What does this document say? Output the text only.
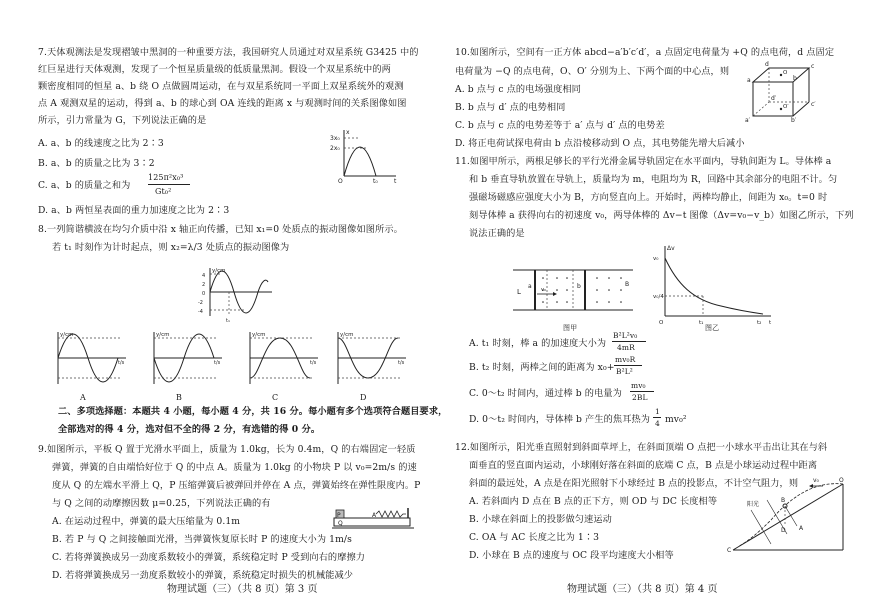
7.天体观测法是发现褶皱中黑洞的一种重要方法，我国研究人员通过对双星系统 G3425 中的
红巨星进行天体观测，发现了一个恒星质量级的低质量黑洞。假设一个双星系统中的两
颗密度相同的恒星 a、b 绕 O 点做圆周运动，在与双星系统同一平面上双星系统外的观测
点 A 观测双星的运动，得到 a、b 的球心到 OA 连线的距离 x 与观测时间的关系图像如图
所示，引力常量为 G，下列说法正确的是
A. a、b 的线速度之比为 2∶3
B. a、b 的质量之比为 3∶2
C. a、b 的质量之和为
125π²x₀³
Gt₀²
D. a、b 两恒星表面的重力加速度之比为 2∶3
3x₀
2x₀
O	t₀	t
x
8.一列简谐横波在均匀介质中沿 x 轴正向传播，已知 x₁=0 处质点的振动图像如图所示。
若 t₁ 时刻作为计时起点，则 x₂=λ/3 处质点的振动图像为
y/cm
4
2
0
-2
-4
t₁
y/cm
t/s
A
y/cm
t/s
B
y/cm
t/s
C
y/cm
t/s
D
二、多项选择题：本题共 4 小题，每小题 4 分，共 16 分。每小题有多个选项符合题目要求，
全部选对的得 4 分，选对但不全的得 2 分，有选错的得 0 分。
9.如图所示，平板 Q 置于光滑水平面上，质量为 1.0kg，长为 0.4m，Q 的右端固定一轻质
弹簧，弹簧的自由端恰好位于 Q 的中点 A。质量为 1.0kg 的小物块 P 以 v₀=2m/s 的速
度从 Q 的左端水平滑上 Q，P 压缩弹簧后被弹回并停在 A 点，弹簧始终在弹性限度内。P
与 Q 之间的动摩擦因数 μ=0.25，下列说法正确的有
A. 在运动过程中，弹簧的最大压缩量为 0.1m
B. 若 P 与 Q 之间接触面光滑，当弹簧恢复原长时 P 的速度大小为 1m/s
C. 若将弹簧换成另一劲度系数较小的弹簧，系统稳定时 P 受到向右的摩擦力
D. 若将弹簧换成另一劲度系数较小的弹簧，系统稳定时损失的机械能减少
P	A
Q
物理试题（三）（共 8 页）第 3 页
10.如图所示，空间有一正方体 abcd−a′b′c′d′，a 点固定电荷量为 +Q 的点电荷，d 点固定
电荷量为 −Q 的点电荷，O、O′ 分别为上、下两个面的中心点，则
A. b 点与 c 点的电场强度相同
B. b 点与 d′ 点的电势相同
C. b 点与 c 点的电势差等于 a′ 点与 d′ 点的电势差
D. 将正电荷试探电荷由 b 点沿棱移动到 O 点，其电势能先增大后减小
a	b
c
d
a′	b′
c′
d′
O
O′
11.如图甲所示，两根足够长的平行光滑金属导轨固定在水平面内，导轨间距为 L。导体棒 a
和 b 垂直导轨放置在导轨上，质量均为 m，电阻均为 R，回路中其余部分的电阻不计。匀
强磁场磁感应强度大小为 B，方向竖直向上。开始时，两棒均静止，间距为 x₀。t=0 时
刻导体棒 a 获得向右的初速度 v₀，两导体棒的 Δv−t 图像（Δv=v₀−v_b）如图乙所示，下列
说法正确的是
L
a	b	B
v₀
图甲
Δv
v₀
v₀/4
O	t₁	t₂ t
图乙
A. t₁ 时刻，棒 a 的加速度大小为
B²L²v₀
4mR
B. t₂ 时刻，两棒之间的距离为 x₀+
mv₀R
B²L²
C. 0～t₂ 时间内，通过棒 b 的电量为
mv₀
2BL
D. 0～t₂ 时间内，导体棒 b 产生的焦耳热为
1
4 mv₀²
12.如图所示，阳光垂直照射到斜面草坪上，在斜面顶端 O 点把一小球水平击出让其在与斜
面垂直的竖直面内运动，小球刚好落在斜面的底端 C 点，B 点是小球运动过程中距离
斜面的最远处，A 点是在阳光照射下小球经过 B 点的投影点，不计空气阻力，则
A. 若斜面内 D 点在 B 点的正下方，则 OD 与 DC 长度相等
B. 小球在斜面上的投影做匀速运动
C. OA 与 AC 长度之比为 1∶3
D. 小球在 B 点的速度与 OC 段平均速度大小相等
O
v₀
B
D A
C
阳光
物理试题（三）（共 8 页）第 4 页
